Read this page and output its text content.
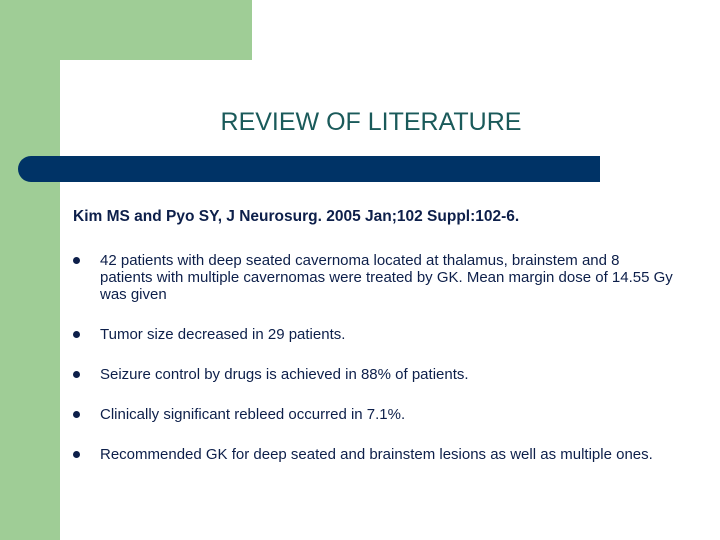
REVIEW OF LITERATURE

Kim MS and Pyo SY, J Neurosurg. 2005 Jan;102 Suppl:102-6.

42 patients with deep seated cavernoma located at thalamus, brainstem and 8 patients with multiple cavernomas were treated by GK. Mean margin dose of 14.55 Gy was given
Tumor size decreased in 29 patients.
Seizure control by drugs is achieved in 88% of patients.
Clinically significant rebleed occurred in 7.1%.
Recommended GK for deep seated and brainstem lesions as well as multiple ones.
